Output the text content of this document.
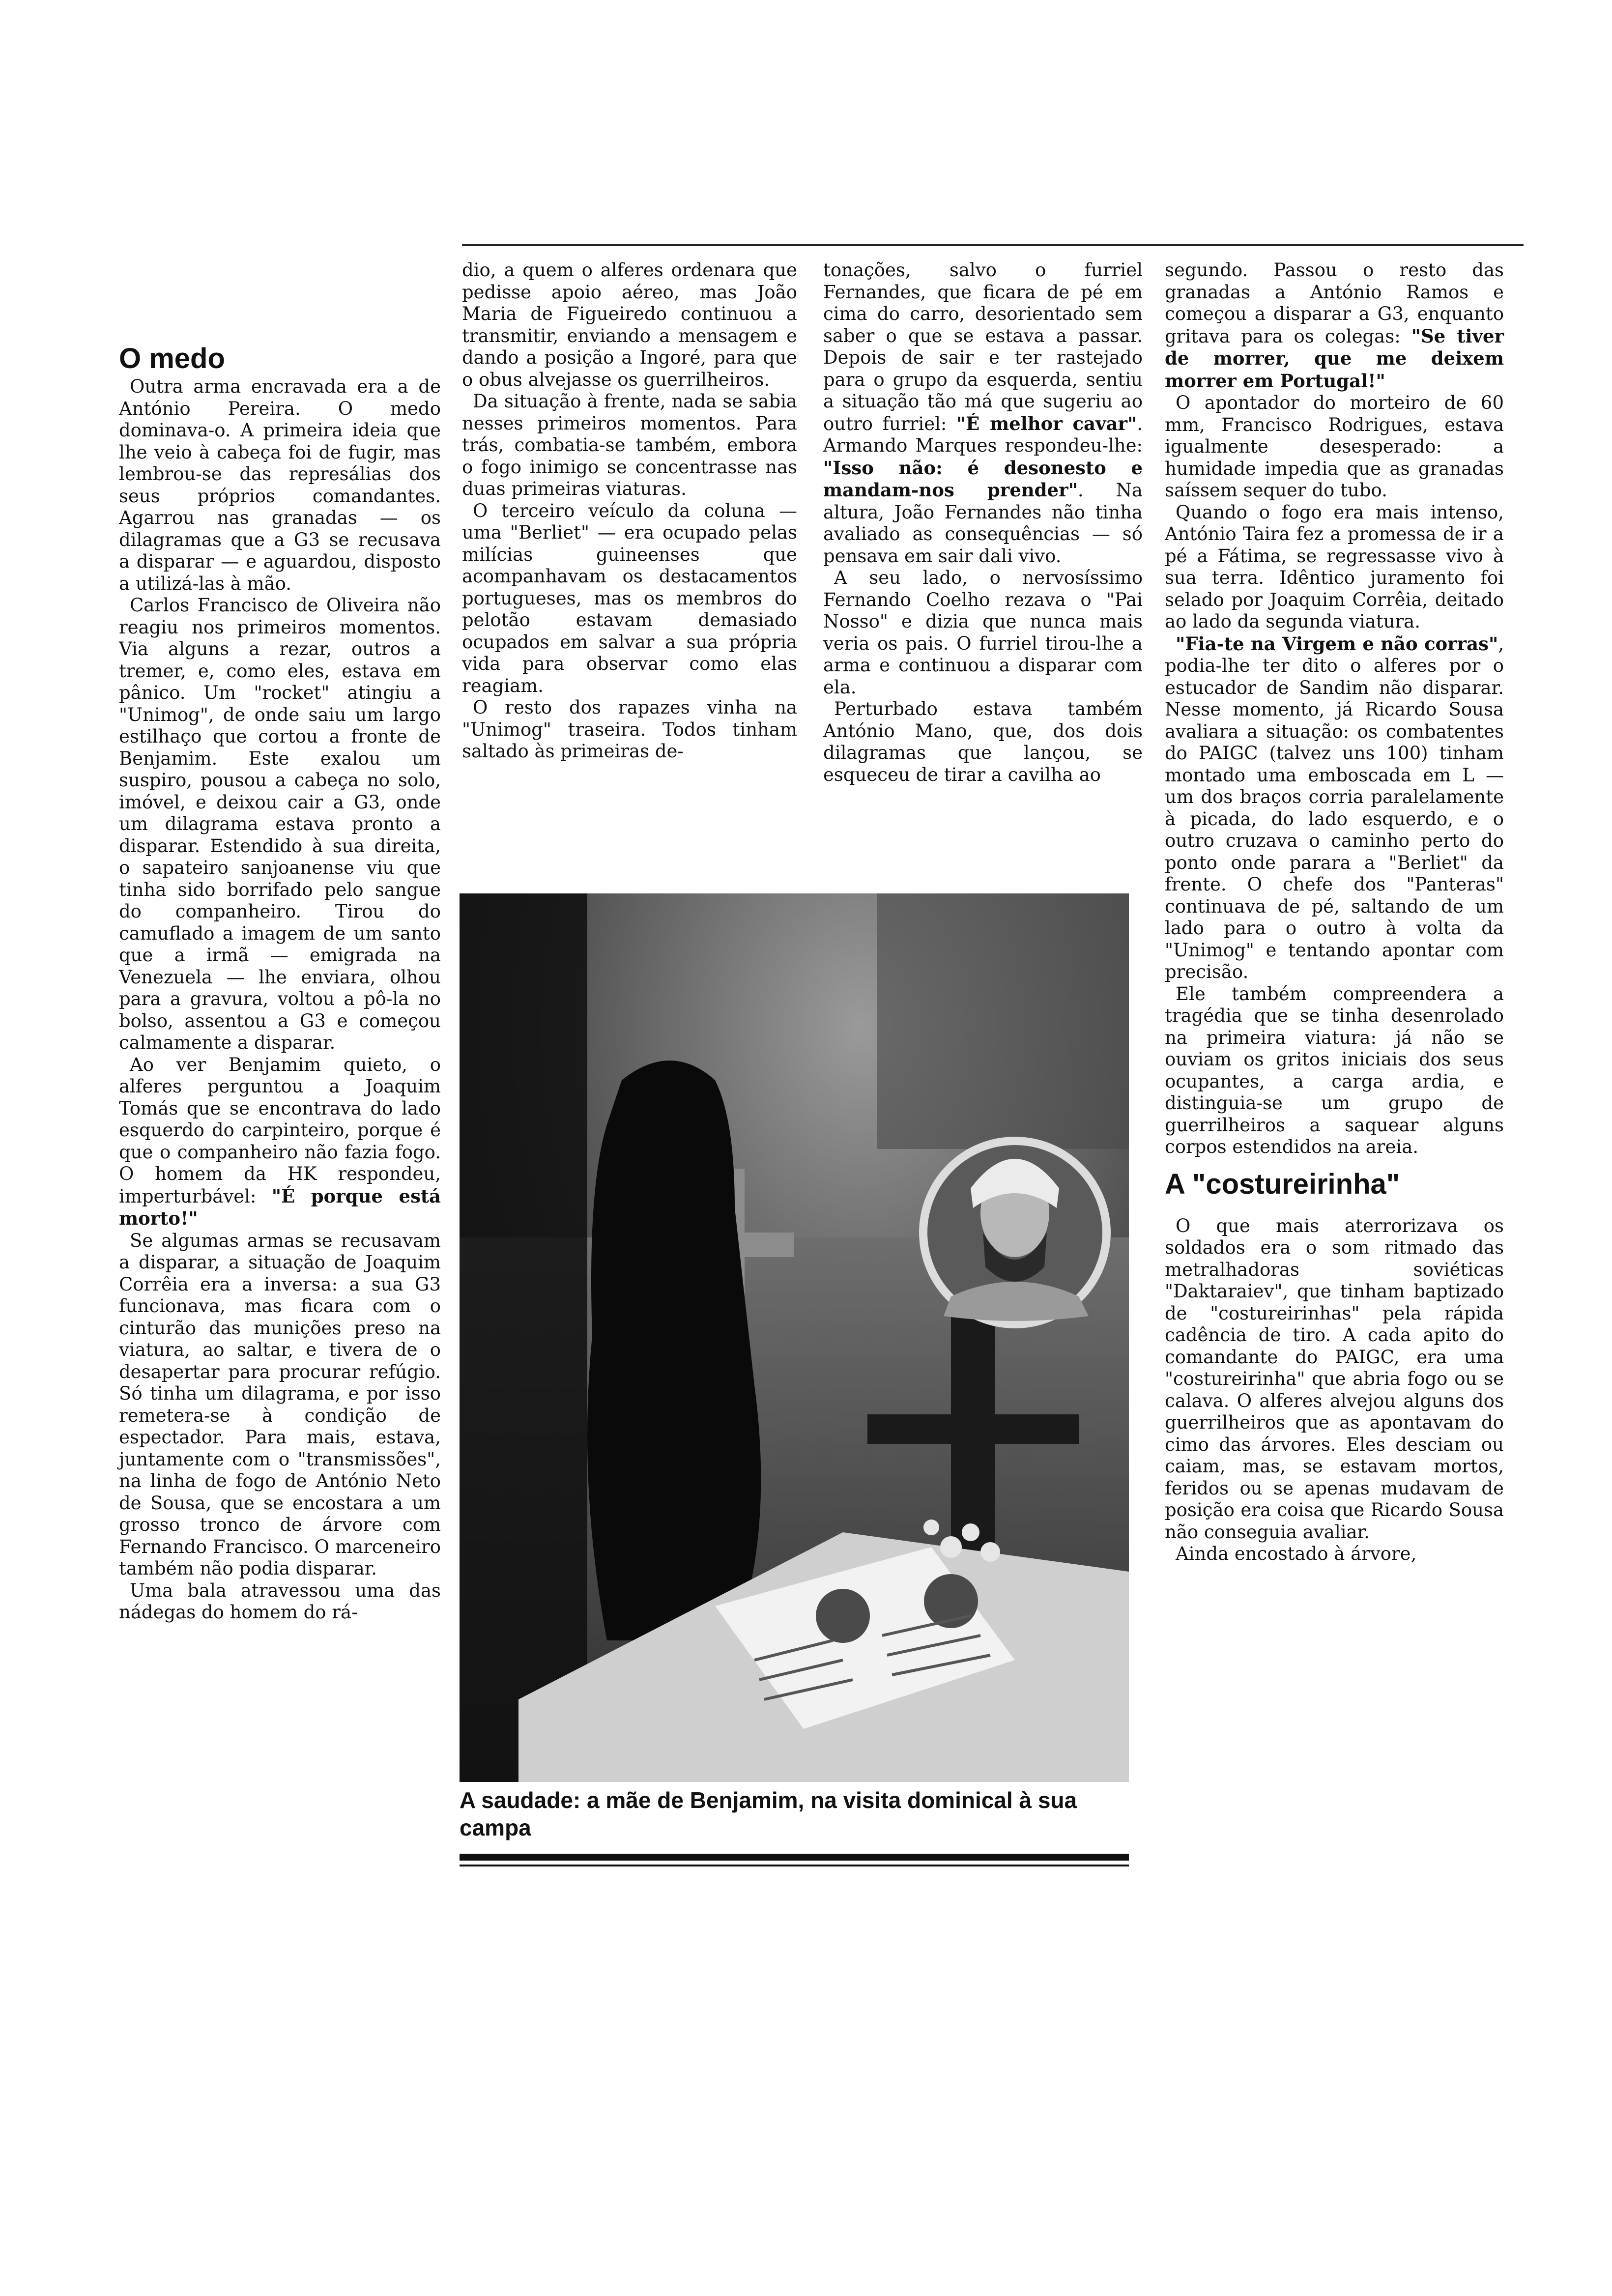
O medo

Outra arma encravada era a de António Pereira. O medo dominava-o. A primeira ideia que lhe veio à cabeça foi de fugir, mas lembrou-se das represálias dos seus próprios comandantes. Agarrou nas granadas — os dilagramas que a G3 se recusava a disparar — e aguardou, disposto a utilizá-las à mão.

Carlos Francisco de Oliveira não reagiu nos primeiros momentos. Via alguns a rezar, outros a tremer, e, como eles, estava em pânico. Um "rocket" atingiu a "Unimog", de onde saiu um largo estilhaço que cortou a fronte de Benjamim. Este exalou um suspiro, pousou a cabeça no solo, imóvel, e deixou cair a G3, onde um dilagrama estava pronto a disparar. Estendido à sua direita, o sapateiro sanjoanense viu que tinha sido borrifado pelo sangue do companheiro. Tirou do camuflado a imagem de um santo que a irmã — emigrada na Venezuela — lhe enviara, olhou para a gravura, voltou a pô-la no bolso, assentou a G3 e começou calmamente a disparar.

Ao ver Benjamim quieto, o alferes perguntou a Joaquim Tomás que se encontrava do lado esquerdo do carpinteiro, porque é que o companheiro não fazia fogo. O homem da HK respondeu, imperturbável: "É porque está morto!"

Se algumas armas se recusavam a disparar, a situação de Joaquim Corrêia era a inversa: a sua G3 funcionava, mas ficara com o cinturão das munições preso na viatura, ao saltar, e tivera de o desapertar para procurar refúgio. Só tinha um dilagrama, e por isso remetera-se à condição de espectador. Para mais, estava, juntamente com o "transmissões", na linha de fogo de António Neto de Sousa, que se encostara a um grosso tronco de árvore com Fernando Francisco. O marceneiro também não podia disparar.

Uma bala atravessou uma das nádegas do homem do rá-

dio, a quem o alferes ordenara que pedisse apoio aéreo, mas João Maria de Figueiredo continuou a transmitir, enviando a mensagem e dando a posição a Ingoré, para que o obus alvejasse os guerrilheiros.

Da situação à frente, nada se sabia nesses primeiros momentos. Para trás, combatia-se também, embora o fogo inimigo se concentrasse nas duas primeiras viaturas.

O terceiro veículo da coluna — uma "Berliet" — era ocupado pelas milícias guineenses que acompanhavam os destacamentos portugueses, mas os membros do pelotão estavam demasiado ocupados em salvar a sua própria vida para observar como elas reagiam.

O resto dos rapazes vinha na "Unimog" traseira. Todos tinham saltado às primeiras de-

tonações, salvo o furriel Fernandes, que ficara de pé em cima do carro, desorientado sem saber o que se estava a passar. Depois de sair e ter rastejado para o grupo da esquerda, sentiu a situação tão má que sugeriu ao outro furriel: "É melhor cavar". Armando Marques respondeu-lhe: "Isso não: é desonesto e mandam-nos prender". Na altura, João Fernandes não tinha avaliado as consequências — só pensava em sair dali vivo.

A seu lado, o nervosíssimo Fernando Coelho rezava o "Pai Nosso" e dizia que nunca mais veria os pais. O furriel tirou-lhe a arma e continuou a disparar com ela.

Perturbado estava também António Mano, que, dos dois dilagramas que lançou, se esqueceu de tirar a cavilha ao

segundo. Passou o resto das granadas a António Ramos e começou a disparar a G3, enquanto gritava para os colegas: "Se tiver de morrer, que me deixem morrer em Portugal!"

O apontador do morteiro de 60 mm, Francisco Rodrigues, estava igualmente desesperado: a humidade impedia que as granadas saíssem sequer do tubo.

Quando o fogo era mais intenso, António Taira fez a promessa de ir a pé a Fátima, se regressasse vivo à sua terra. Idêntico juramento foi selado por Joaquim Corrêia, deitado ao lado da segunda viatura.

"Fia-te na Virgem e não corras", podia-lhe ter dito o alferes por o estucador de Sandim não disparar. Nesse momento, já Ricardo Sousa avaliara a situação: os combatentes do PAIGC (talvez uns 100) tinham montado uma emboscada em L — um dos braços corria paralelamente à picada, do lado esquerdo, e o outro cruzava o caminho perto do ponto onde parara a "Berliet" da frente. O chefe dos "Panteras" continuava de pé, saltando de um lado para o outro à volta da "Unimog" e tentando apontar com precisão.

Ele também compreendera a tragédia que se tinha desenrolado na primeira viatura: já não se ouviam os gritos iniciais dos seus ocupantes, a carga ardia, e distinguia-se um grupo de guerrilheiros a saquear alguns corpos estendidos na areia.

A "costureirinha"

O que mais aterrorizava os soldados era o som ritmado das metralhadoras soviéticas "Daktaraiev", que tinham baptizado de "costureirinhas" pela rápida cadência de tiro. A cada apito do comandante do PAIGC, era uma "costureirinha" que abria fogo ou se calava. O alferes alvejou alguns dos guerrilheiros que as apontavam do cimo das árvores. Eles desciam ou caiam, mas, se estavam mortos, feridos ou se apenas mudavam de posição era coisa que Ricardo Sousa não conseguia avaliar.

Ainda encostado à árvore,

A saudade: a mãe de Benjamim, na visita dominical à sua campa
